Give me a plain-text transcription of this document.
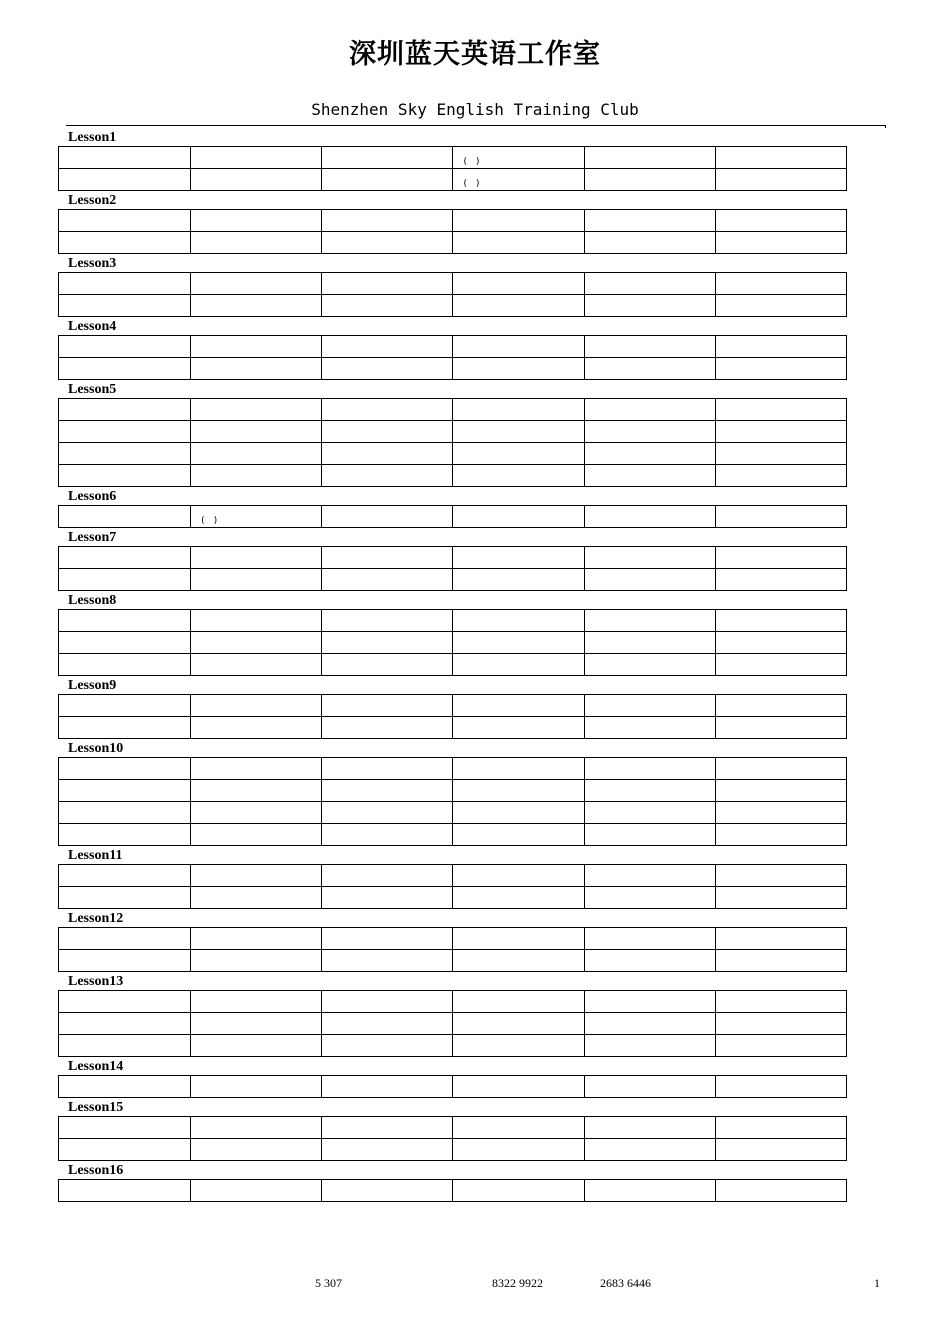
深圳蓝天英语工作室
Shenzhen Sky English Training Club
Lesson1
			( )		
			( )		
Lesson2

Lesson3

Lesson4

Lesson5

Lesson6
	( )				
Lesson7

Lesson8

Lesson9

Lesson10

Lesson11

Lesson12

Lesson13

Lesson14

Lesson15

Lesson16

5 307	8322 9922	2683 6446	1
